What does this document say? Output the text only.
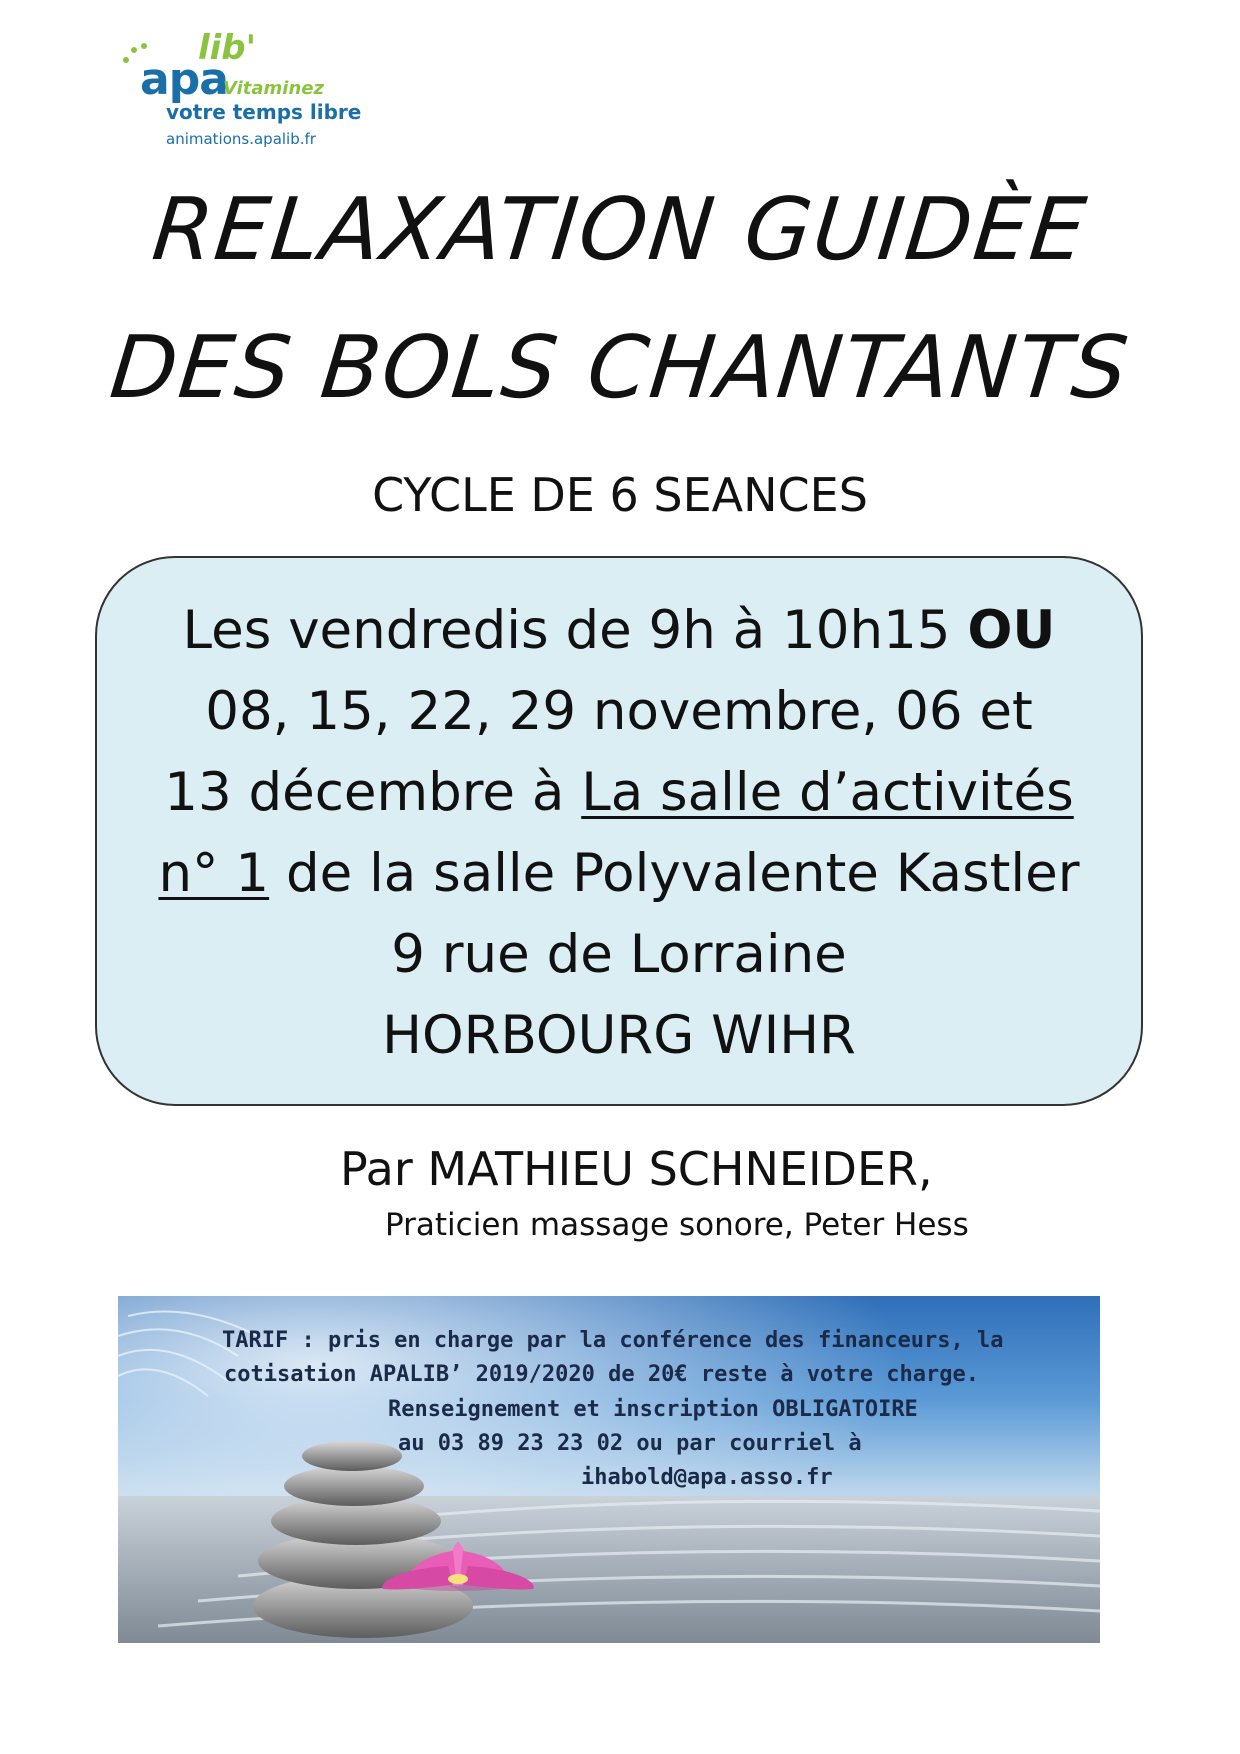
apa
lib'
Vitaminez
votre temps libre
animations.apalib.fr
RELAXATION GUIDÈE
DES BOLS CHANTANTS
CYCLE DE 6 SEANCES
Les vendredis de 9h à 10h15 OU
08, 15, 22, 29 novembre, 06 et
13 décembre à La salle d’activités
n° 1 de la salle Polyvalente Kastler
9 rue de Lorraine
HORBOURG WIHR
Par MATHIEU SCHNEIDER,
Praticien massage sonore, Peter Hess
TARIF : pris en charge par la conférence des financeurs, la
cotisation APALIB’ 2019/2020 de 20€ reste à votre charge.
Renseignement et inscription OBLIGATOIRE
au 03 89 23 23 02 ou par courriel à
ihabold@apa.asso.fr
